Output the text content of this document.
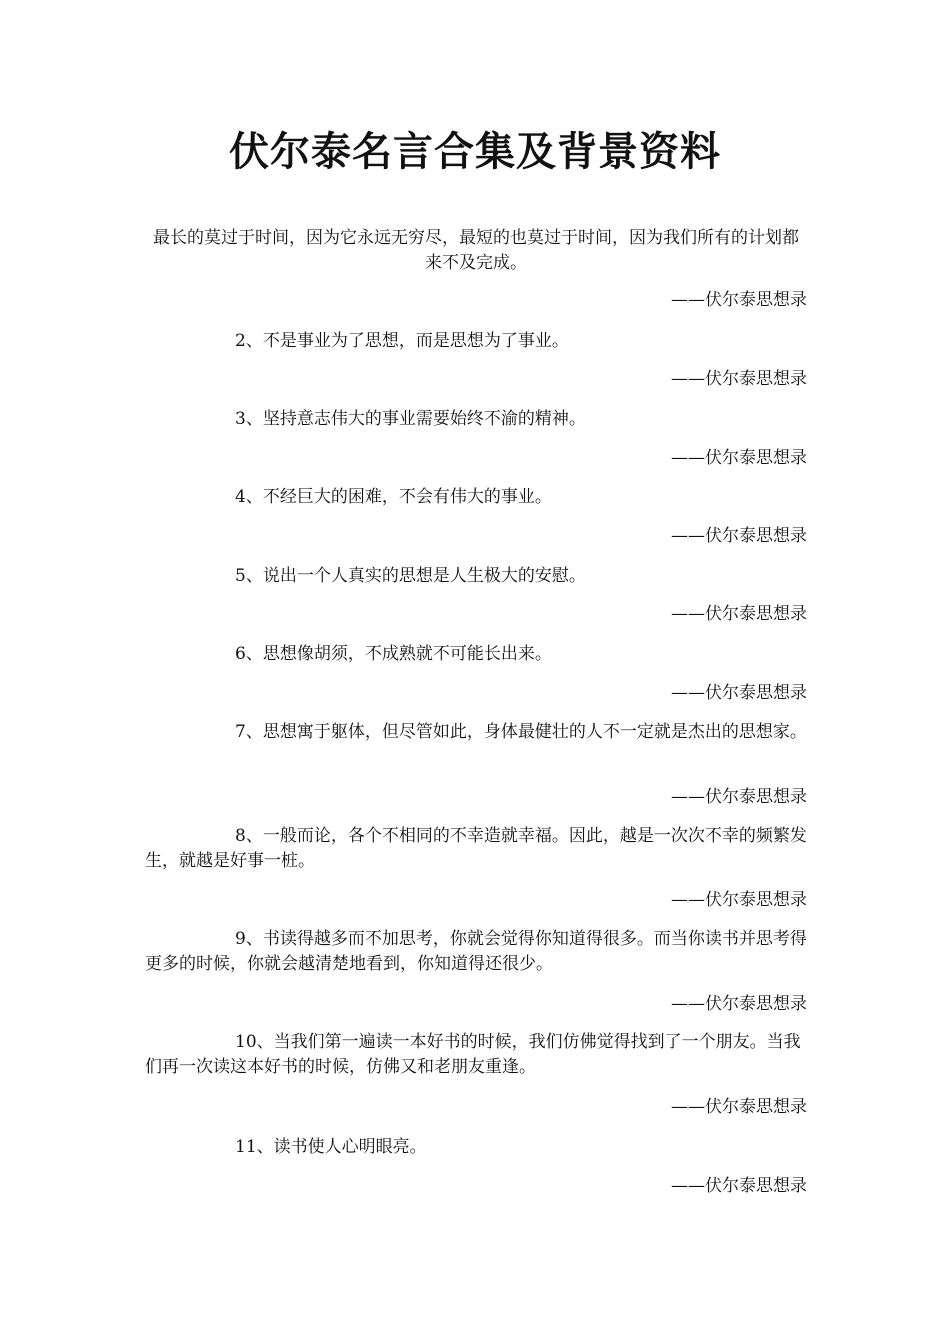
伏尔泰名言合集及背景资料

最长的莫过于时间，因为它永远无穷尽，最短的也莫过于时间，因为我们所有的计划都来不及完成。

——伏尔泰思想录

2、不是事业为了思想，而是思想为了事业。

——伏尔泰思想录

3、坚持意志伟大的事业需要始终不渝的精神。

——伏尔泰思想录

4、不经巨大的困难，不会有伟大的事业。

——伏尔泰思想录

5、说出一个人真实的思想是人生极大的安慰。

——伏尔泰思想录

6、思想像胡须，不成熟就不可能长出来。

——伏尔泰思想录

7、思想寓于躯体，但尽管如此，身体最健壮的人不一定就是杰出的思想家。

——伏尔泰思想录

8、一般而论，各个不相同的不幸造就幸福。因此，越是一次次不幸的频繁发生，就越是好事一桩。

——伏尔泰思想录

9、书读得越多而不加思考，你就会觉得你知道得很多。而当你读书并思考得更多的时候，你就会越清楚地看到，你知道得还很少。

——伏尔泰思想录

10、当我们第一遍读一本好书的时候，我们仿佛觉得找到了一个朋友。当我们再一次读这本好书的时候，仿佛又和老朋友重逢。

——伏尔泰思想录

11、读书使人心明眼亮。

——伏尔泰思想录
